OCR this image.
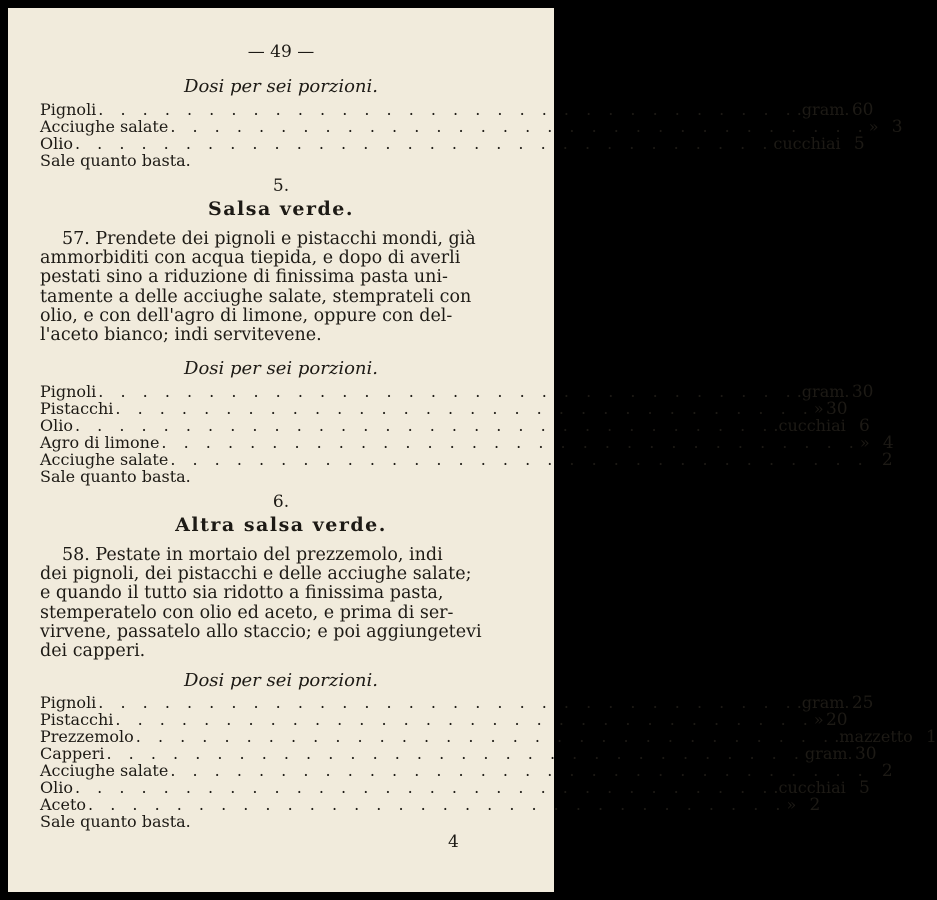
— 49 —
Dosi per sei porzioni.
Pignoli . . . . . . . . . . . . . . . . . . . . . . . . . . . . . . . . .gram. 60
Acciughe salate . . . . . . . . . . . . . . . . . . . . . . . . . . . . . . . . » 3
Olio . . . . . . . . . . . . . . . . . . . . . . . . . . . . . . . . cucchiai 5
Sale quanto basta.
5.
Salsa verde.
57. Prendete dei pignoli e pistacchi mondi, già
ammorbiditi con acqua tiepida, e dopo di averli
pestati sino a riduzione di finissima pasta uni-
tamente a delle acciughe salate, stemprateli con
olio, e con dell'agro di limone, oppure con del-
l'aceto bianco; indi servitevene.
Dosi per sei porzioni.
Pignoli . . . . . . . . . . . . . . . . . . . . . . . . . . . . . . . . .gram. 30
Pistacchi . . . . . . . . . . . . . . . . . . . . . . . . . . . . . . . . » 30
Olio . . . . . . . . . . . . . . . . . . . . . . . . . . . . . . . . .cucchiai 6
Agro di limone . . . . . . . . . . . . . . . . . . . . . . . . . . . . . . . . » 4
Acciughe salate . . . . . . . . . . . . . . . . . . . . . . . . . . . . . . . . 2
Sale quanto basta.
6.
Altra salsa verde.
58. Pestate in mortaio del prezzemolo, indi
dei pignoli, dei pistacchi e delle acciughe salate;
e quando il tutto sia ridotto a finissima pasta,
stemperatelo con olio ed aceto, e prima di ser-
virvene, passatelo allo staccio; e poi aggiungetevi
dei capperi.
Dosi per sei porzioni.
Pignoli . . . . . . . . . . . . . . . . . . . . . . . . . . . . . . . . .gram. 25
Pistacchi . . . . . . . . . . . . . . . . . . . . . . . . . . . . . . . . » 20
Prezzemolo . . . . . . . . . . . . . . . . . . . . . . . . . . . . . . . . .mazzetto 1
Capperi . . . . . . . . . . . . . . . . . . . . . . . . . . . . . . . . gram. 30
Acciughe salate . . . . . . . . . . . . . . . . . . . . . . . . . . . . . . . . 2
Olio . . . . . . . . . . . . . . . . . . . . . . . . . . . . . . . . .cucchiai 5
Aceto . . . . . . . . . . . . . . . . . . . . . . . . . . . . . . . . » 2
Sale quanto basta.
4
